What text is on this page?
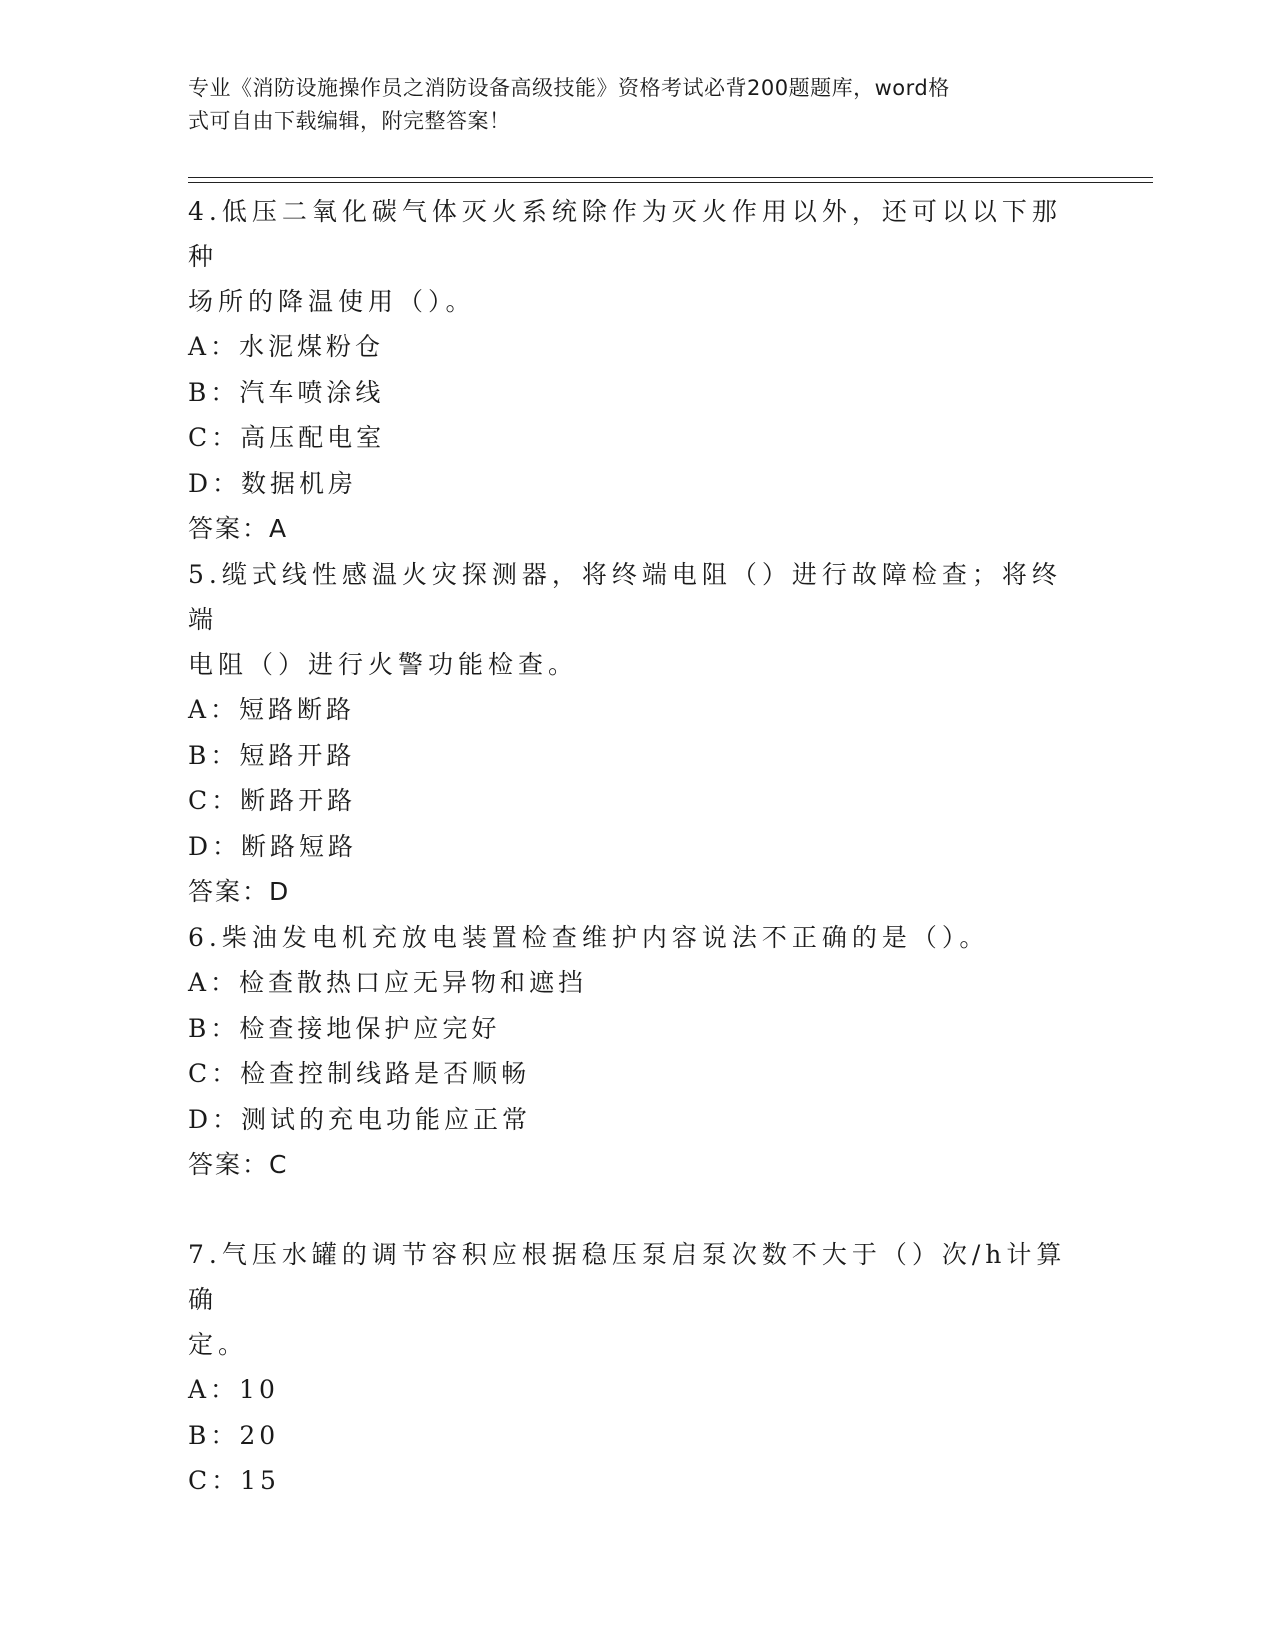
专业《消防设施操作员之消防设备高级技能》资格考试必背200题题库，word格
式可自由下载编辑，附完整答案！

4.低压二氧化碳气体灭火系统除作为灭火作用以外，还可以以下那种

场所的降温使用（）。

A：水泥煤粉仓

B：汽车喷涂线

C：高压配电室

D：数据机房

答案：A

5.缆式线性感温火灾探测器，将终端电阻（）进行故障检查；将终端

电阻（）进行火警功能检查。

A：短路断路

B：短路开路

C：断路开路

D：断路短路

答案：D

6.柴油发电机充放电装置检查维护内容说法不正确的是（）。

A：检查散热口应无异物和遮挡

B：检查接地保护应完好

C：检查控制线路是否顺畅

D：测试的充电功能应正常

答案：C

7.气压水罐的调节容积应根据稳压泵启泵次数不大于（）次/h计算确

定。

A：10

B：20

C：15
